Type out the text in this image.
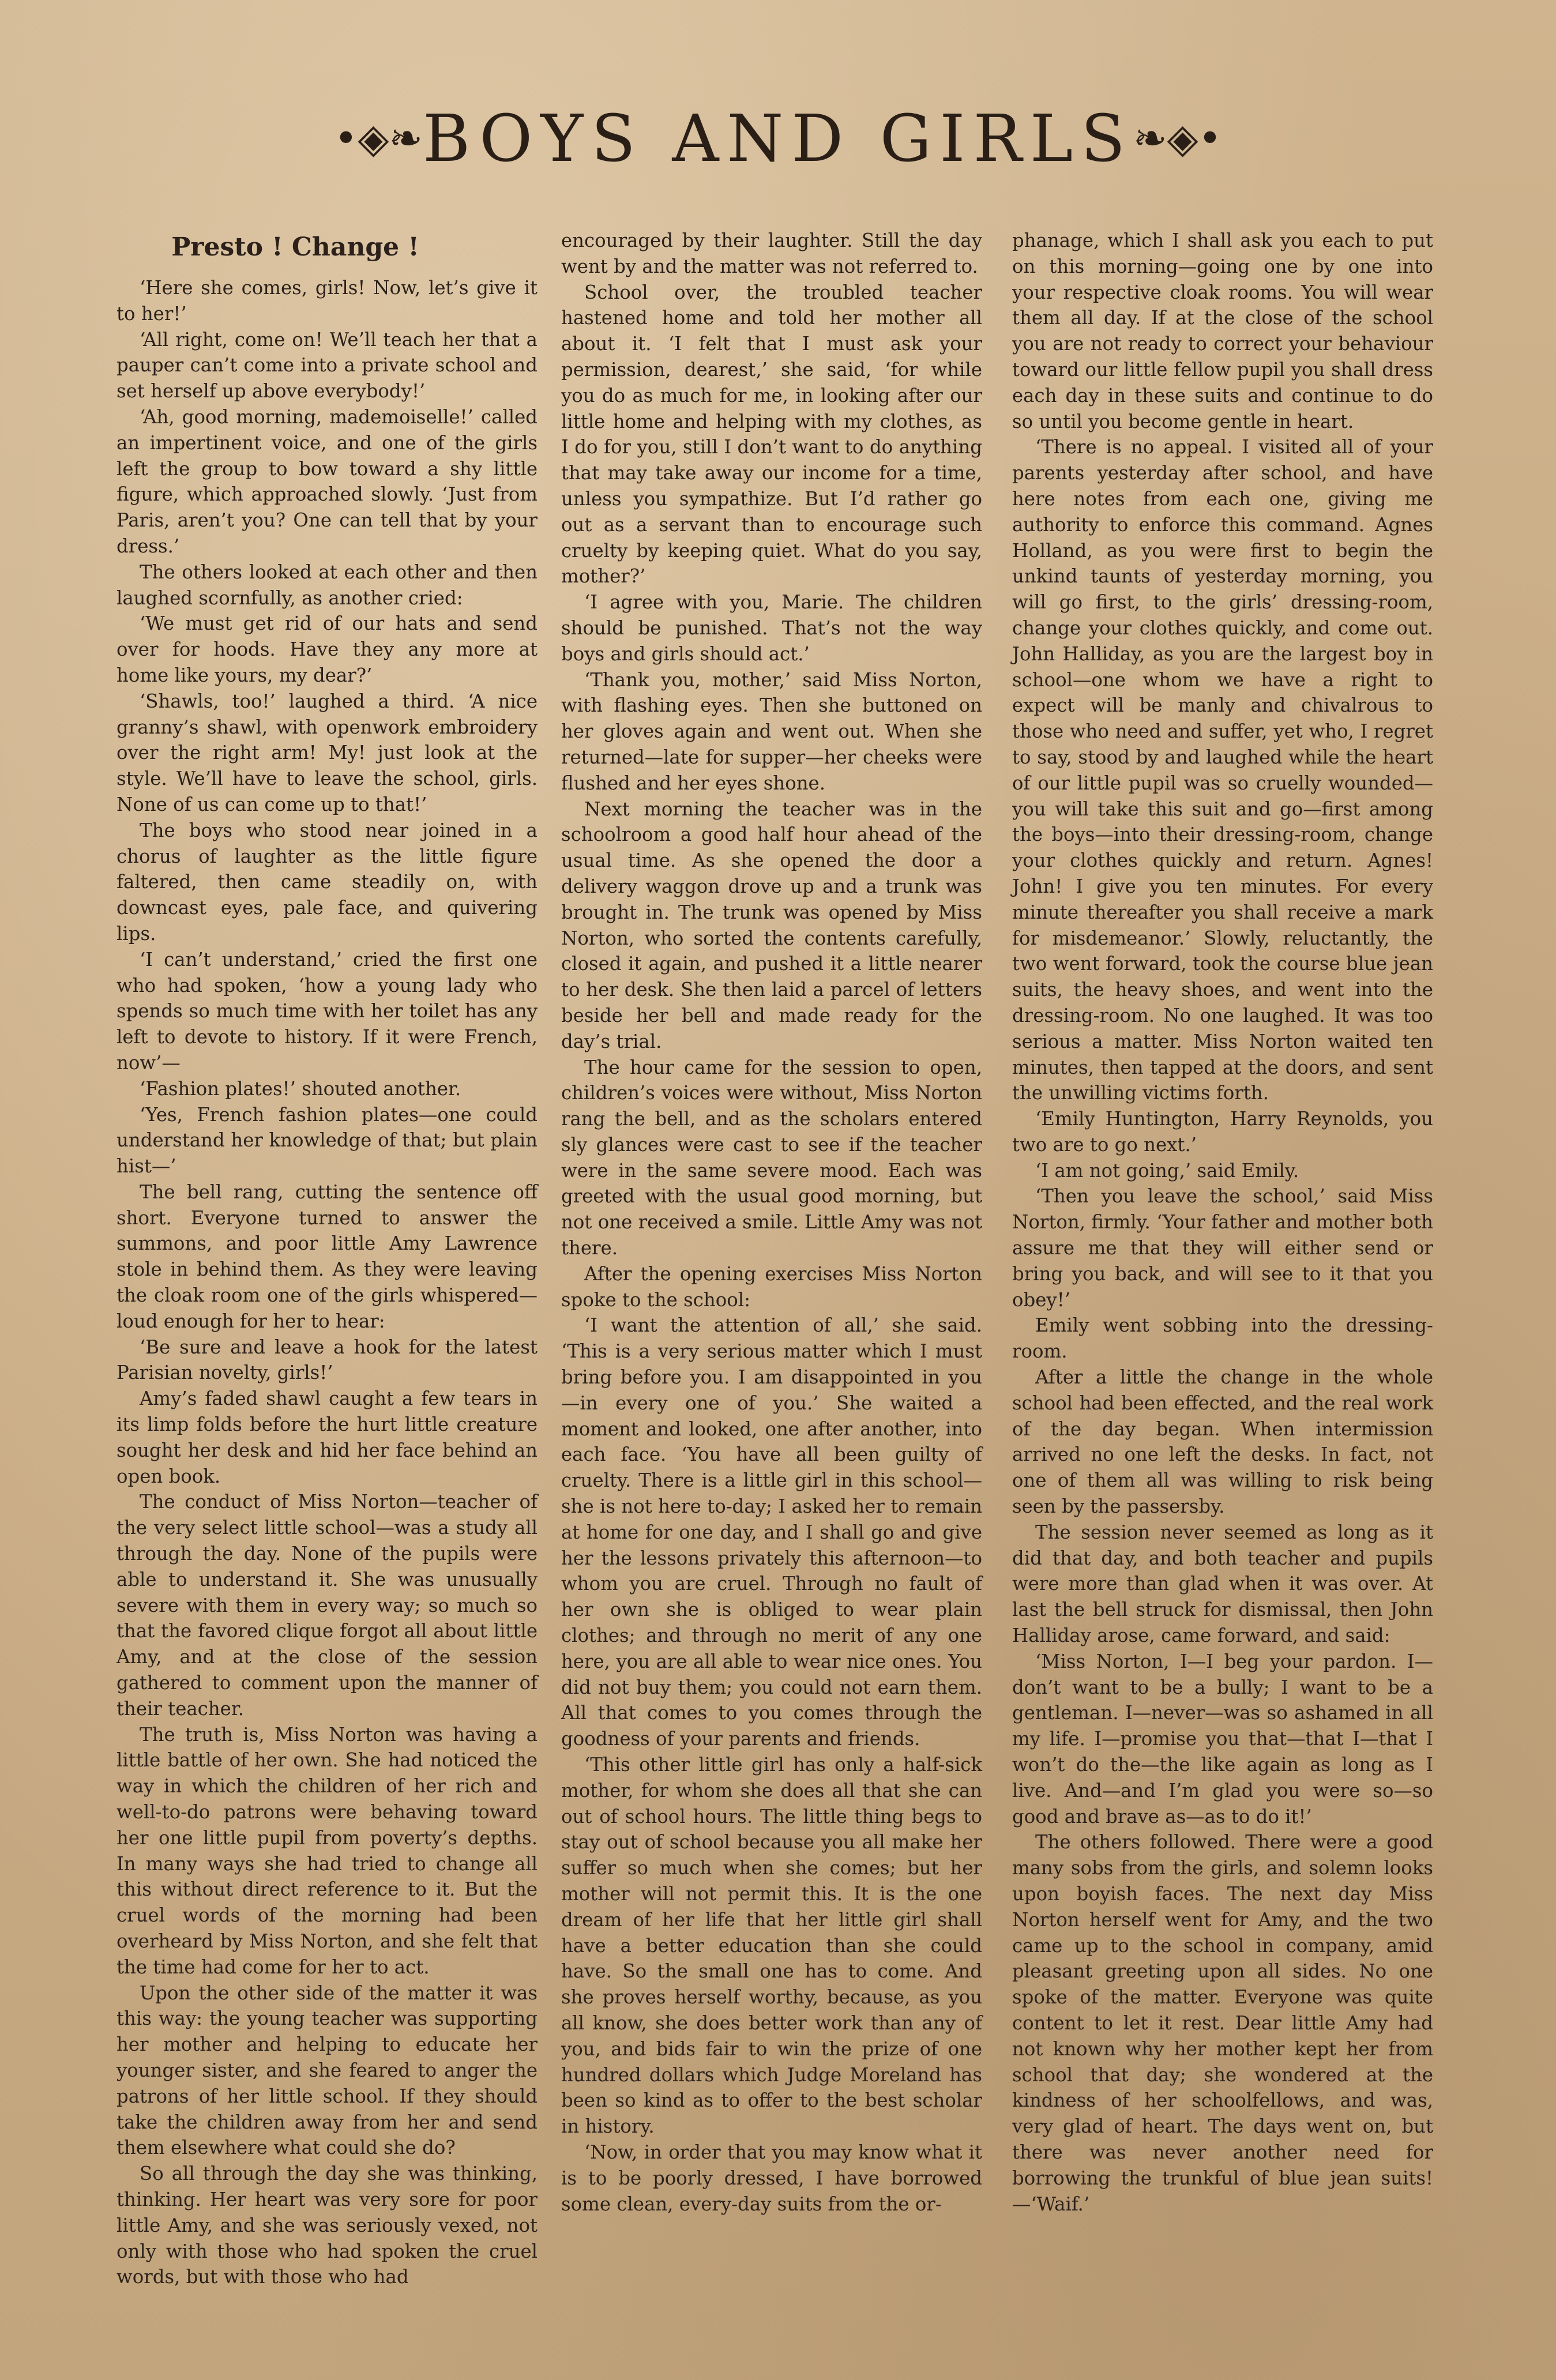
•◈❧BOYS AND GIRLS❧◈•
Presto ! Change !

‘Here she comes, girls! Now, let’s give it to her!’

‘All right, come on! We’ll teach her that a pauper can’t come into a private school and set herself up above everybody!’

‘Ah, good morning, mademoiselle!’ called an impertinent voice, and one of the girls left the group to bow toward a shy little figure, which approached slowly. ‘Just from Paris, aren’t you? One can tell that by your dress.’

The others looked at each other and then laughed scornfully, as another cried:

‘We must get rid of our hats and send over for hoods. Have they any more at home like yours, my dear?’

‘Shawls, too!’ laughed a third. ‘A nice granny’s shawl, with openwork embroidery over the right arm! My! just look at the style. We’ll have to leave the school, girls. None of us can come up to that!’

The boys who stood near joined in a chorus of laughter as the little figure faltered, then came steadily on, with downcast eyes, pale face, and quivering lips.

‘I can’t understand,’ cried the first one who had spoken, ‘how a young lady who spends so much time with her toilet has any left to devote to history. If it were French, now’—

‘Fashion plates!’ shouted another.

‘Yes, French fashion plates—one could understand her knowledge of that; but plain hist—’

The bell rang, cutting the sentence off short. Everyone turned to answer the summons, and poor little Amy Lawrence stole in behind them. As they were leaving the cloak room one of the girls whispered—loud enough for her to hear:

‘Be sure and leave a hook for the latest Parisian novelty, girls!’

Amy’s faded shawl caught a few tears in its limp folds before the hurt little creature sought her desk and hid her face behind an open book.

The conduct of Miss Norton—teacher of the very select little school—was a study all through the day. None of the pupils were able to understand it. She was unusually severe with them in every way; so much so that the favored clique forgot all about little Amy, and at the close of the session gathered to comment upon the manner of their teacher.

The truth is, Miss Norton was having a little battle of her own. She had noticed the way in which the children of her rich and well-to-do patrons were behaving toward her one little pupil from poverty’s depths. In many ways she had tried to change all this without direct reference to it. But the cruel words of the morning had been overheard by Miss Norton, and she felt that the time had come for her to act.

Upon the other side of the matter it was this way: the young teacher was supporting her mother and helping to educate her younger sister, and she feared to anger the patrons of her little school. If they should take the children away from her and send them elsewhere what could she do?

So all through the day she was thinking, thinking. Her heart was very sore for poor little Amy, and she was seriously vexed, not only with those who had spoken the cruel words, but with those who had

encouraged by their laughter. Still the day went by and the matter was not referred to.

School over, the troubled teacher hastened home and told her mother all about it. ‘I felt that I must ask your permission, dearest,’ she said, ‘for while you do as much for me, in looking after our little home and helping with my clothes, as I do for you, still I don’t want to do anything that may take away our income for a time, unless you sympathize. But I’d rather go out as a servant than to encourage such cruelty by keeping quiet. What do you say, mother?’

‘I agree with you, Marie. The children should be punished. That’s not the way boys and girls should act.’

‘Thank you, mother,’ said Miss Norton, with flashing eyes. Then she buttoned on her gloves again and went out. When she returned—late for supper—her cheeks were flushed and her eyes shone.

Next morning the teacher was in the schoolroom a good half hour ahead of the usual time. As she opened the door a delivery waggon drove up and a trunk was brought in. The trunk was opened by Miss Norton, who sorted the contents carefully, closed it again, and pushed it a little nearer to her desk. She then laid a parcel of letters beside her bell and made ready for the day’s trial.

The hour came for the session to open, children’s voices were without, Miss Norton rang the bell, and as the scholars entered sly glances were cast to see if the teacher were in the same severe mood. Each was greeted with the usual good morning, but not one received a smile. Little Amy was not there.

After the opening exercises Miss Norton spoke to the school:

‘I want the attention of all,’ she said. ‘This is a very serious matter which I must bring before you. I am disappointed in you—in every one of you.’ She waited a moment and looked, one after another, into each face. ‘You have all been guilty of cruelty. There is a little girl in this school—she is not here to-day; I asked her to remain at home for one day, and I shall go and give her the lessons privately this afternoon—to whom you are cruel. Through no fault of her own she is obliged to wear plain clothes; and through no merit of any one here, you are all able to wear nice ones. You did not buy them; you could not earn them. All that comes to you comes through the goodness of your parents and friends.

‘This other little girl has only a half-sick mother, for whom she does all that she can out of school hours. The little thing begs to stay out of school because you all make her suffer so much when she comes; but her mother will not permit this. It is the one dream of her life that her little girl shall have a better education than she could have. So the small one has to come. And she proves herself worthy, because, as you all know, she does better work than any of you, and bids fair to win the prize of one hundred dollars which Judge Moreland has been so kind as to offer to the best scholar in history.

‘Now, in order that you may know what it is to be poorly dressed, I have borrowed some clean, every-day suits from the or-

phanage, which I shall ask you each to put on this morning—going one by one into your respective cloak rooms. You will wear them all day. If at the close of the school you are not ready to correct your behaviour toward our little fellow pupil you shall dress each day in these suits and continue to do so until you become gentle in heart.

‘There is no appeal. I visited all of your parents yesterday after school, and have here notes from each one, giving me authority to enforce this command. Agnes Holland, as you were first to begin the unkind taunts of yesterday morning, you will go first, to the girls’ dressing-room, change your clothes quickly, and come out. John Halliday, as you are the largest boy in school—one whom we have a right to expect will be manly and chivalrous to those who need and suffer, yet who, I regret to say, stood by and laughed while the heart of our little pupil was so cruelly wounded—you will take this suit and go—first among the boys—into their dressing-room, change your clothes quickly and return. Agnes! John! I give you ten minutes. For every minute thereafter you shall receive a mark for misdemeanor.’ Slowly, reluctantly, the two went forward, took the course blue jean suits, the heavy shoes, and went into the dressing-room. No one laughed. It was too serious a matter. Miss Norton waited ten minutes, then tapped at the doors, and sent the unwilling victims forth.

‘Emily Huntington, Harry Reynolds, you two are to go next.’

‘I am not going,’ said Emily.

‘Then you leave the school,’ said Miss Norton, firmly. ‘Your father and mother both assure me that they will either send or bring you back, and will see to it that you obey!’

Emily went sobbing into the dressing-room.

After a little the change in the whole school had been effected, and the real work of the day began. When intermission arrived no one left the desks. In fact, not one of them all was willing to risk being seen by the passersby.

The session never seemed as long as it did that day, and both teacher and pupils were more than glad when it was over. At last the bell struck for dismissal, then John Halliday arose, came forward, and said:

‘Miss Norton, I—I beg your pardon. I—don’t want to be a bully; I want to be a gentleman. I—never—was so ashamed in all my life. I—promise you that—that I—that I won’t do the—the like again as long as I live. And—and I’m glad you were so—so good and brave as—as to do it!’

The others followed. There were a good many sobs from the girls, and solemn looks upon boyish faces. The next day Miss Norton herself went for Amy, and the two came up to the school in company, amid pleasant greeting upon all sides. No one spoke of the matter. Everyone was quite content to let it rest. Dear little Amy had not known why her mother kept her from school that day; she wondered at the kindness of her schoolfellows, and was, very glad of heart. The days went on, but there was never another need for borrowing the trunkful of blue jean suits!—‘Waif.’
